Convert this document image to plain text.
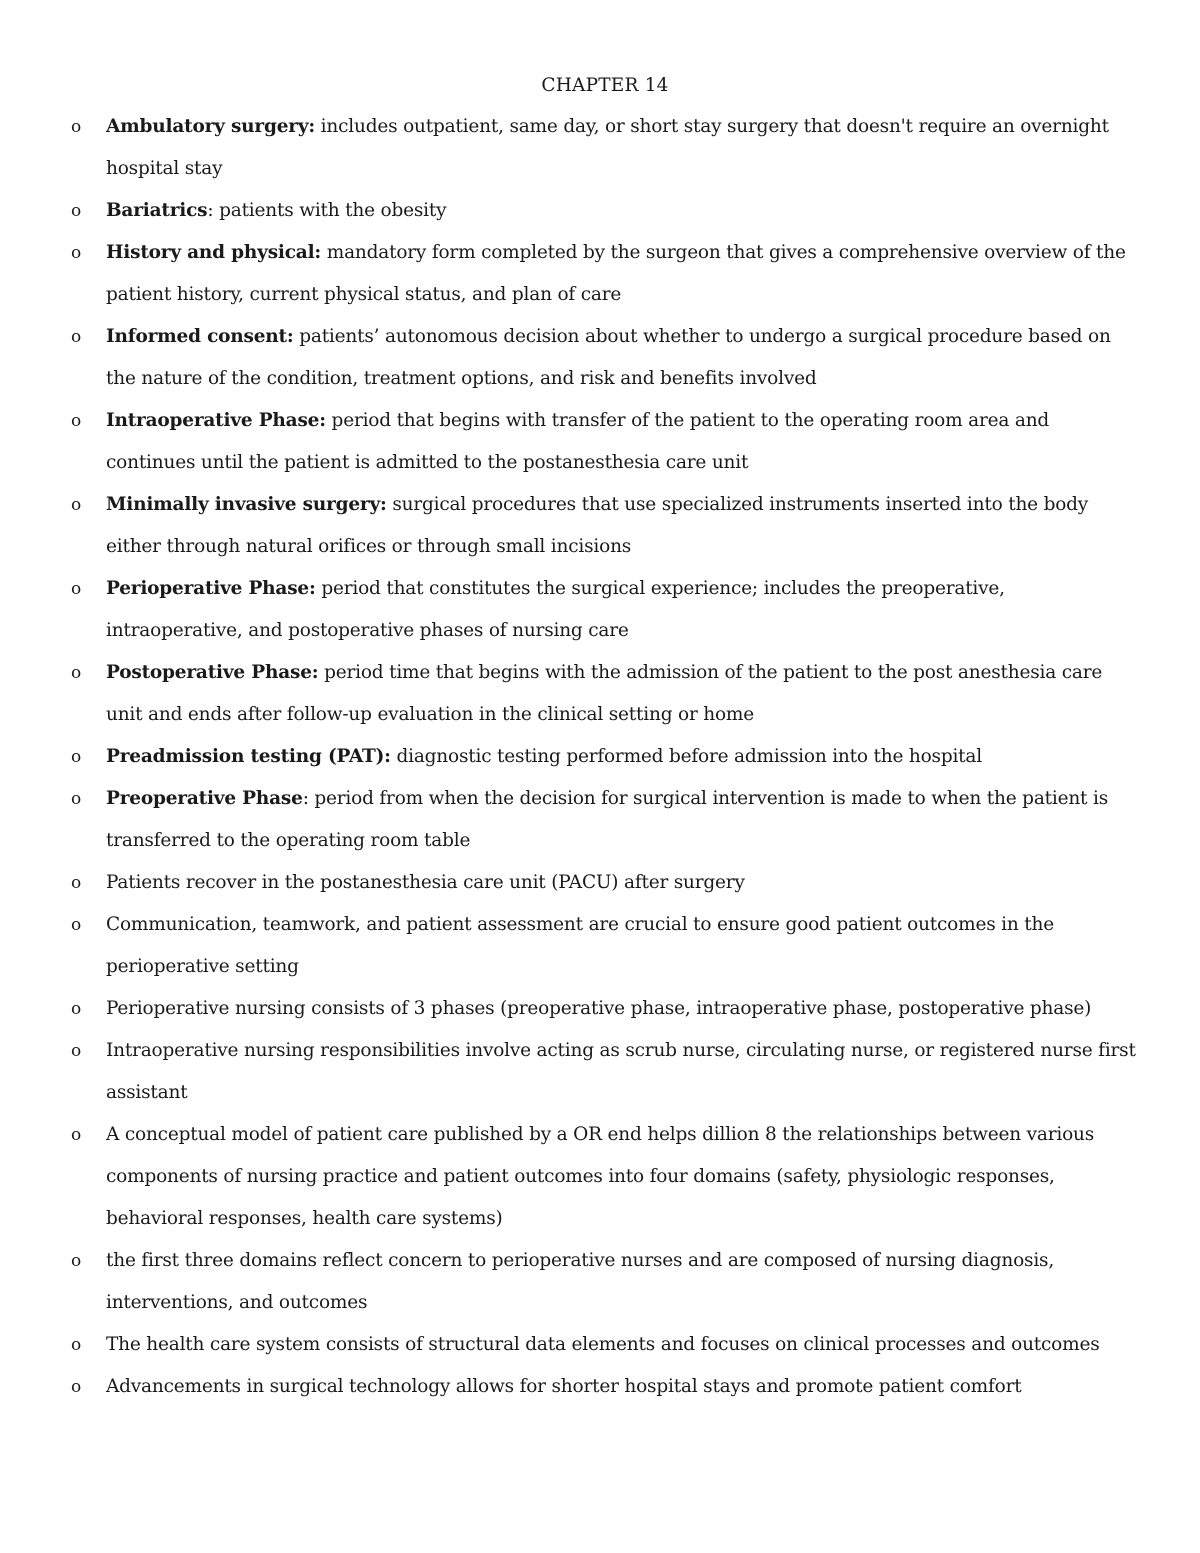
CHAPTER 14
o	Ambulatory surgery: includes outpatient, same day, or short stay surgery that doesn't require an overnight hospital stay
o	Bariatrics: patients with the obesity
o	History and physical: mandatory form completed by the surgeon that gives a comprehensive overview of the patient history, current physical status, and plan of care
o	Informed consent: patients’ autonomous decision about whether to undergo a surgical procedure based on the nature of the condition, treatment options, and risk and benefits involved
o	Intraoperative Phase: period that begins with transfer of the patient to the operating room area and continues until the patient is admitted to the postanesthesia care unit
o	Minimally invasive surgery: surgical procedures that use specialized instruments inserted into the body either through natural orifices or through small incisions
o	Perioperative Phase: period that constitutes the surgical experience; includes the preoperative, intraoperative, and postoperative phases of nursing care
o	Postoperative Phase: period time that begins with the admission of the patient to the post anesthesia care unit and ends after follow-up evaluation in the clinical setting or home
o	Preadmission testing (PAT): diagnostic testing performed before admission into the hospital
o	Preoperative Phase: period from when the decision for surgical intervention is made to when the patient is transferred to the operating room table
o	Patients recover in the postanesthesia care unit (PACU) after surgery
o	Communication, teamwork, and patient assessment are crucial to ensure good patient outcomes in the perioperative setting
o	Perioperative nursing consists of 3 phases (preoperative phase, intraoperative phase, postoperative phase)
o	Intraoperative nursing responsibilities involve acting as scrub nurse, circulating nurse, or registered nurse first assistant
o	A conceptual model of patient care published by a OR end helps dillion 8 the relationships between various components of nursing practice and patient outcomes into four domains (safety, physiologic responses, behavioral responses, health care systems)
o	the first three domains reflect concern to perioperative nurses and are composed of nursing diagnosis, interventions, and outcomes
o	The health care system consists of structural data elements and focuses on clinical processes and outcomes
o	Advancements in surgical technology allows for shorter hospital stays and promote patient comfort
